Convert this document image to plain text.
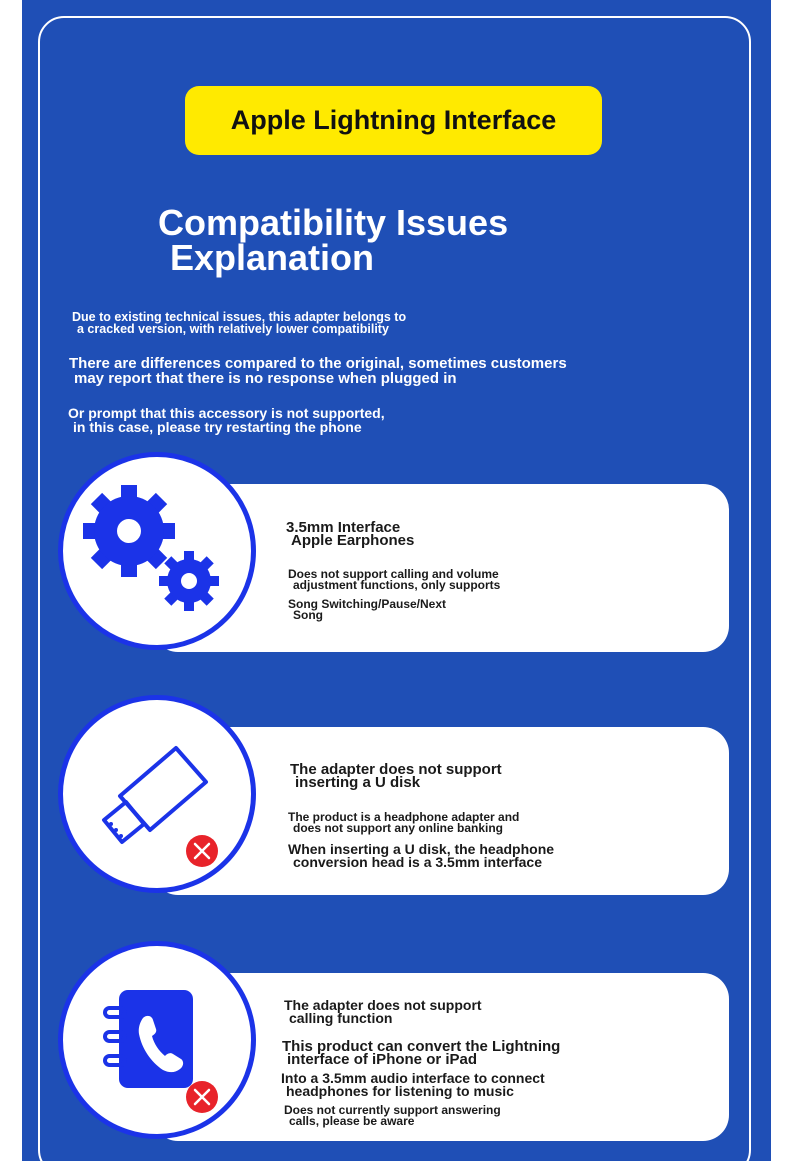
Apple Lightning Interface
Compatibility Issues
Explanation
Due to existing technical issues, this adapter belongs to
a cracked version, with relatively lower compatibility
There are differences compared to the original, sometimes customers
may report that there is no response when plugged in
Or prompt that this accessory is not supported,
in this case, please try restarting the phone
3.5mm Interface
Apple Earphones
Does not support calling and volume
adjustment functions, only supports
Song Switching/Pause/Next
Song
The adapter does not support
inserting a U disk
The product is a headphone adapter and
does not support any online banking
When inserting a U disk, the headphone
conversion head is a 3.5mm interface
The adapter does not support
calling function
This product can convert the Lightning
interface of iPhone or iPad
Into a 3.5mm audio interface to connect
headphones for listening to music
Does not currently support answering
calls, please be aware
